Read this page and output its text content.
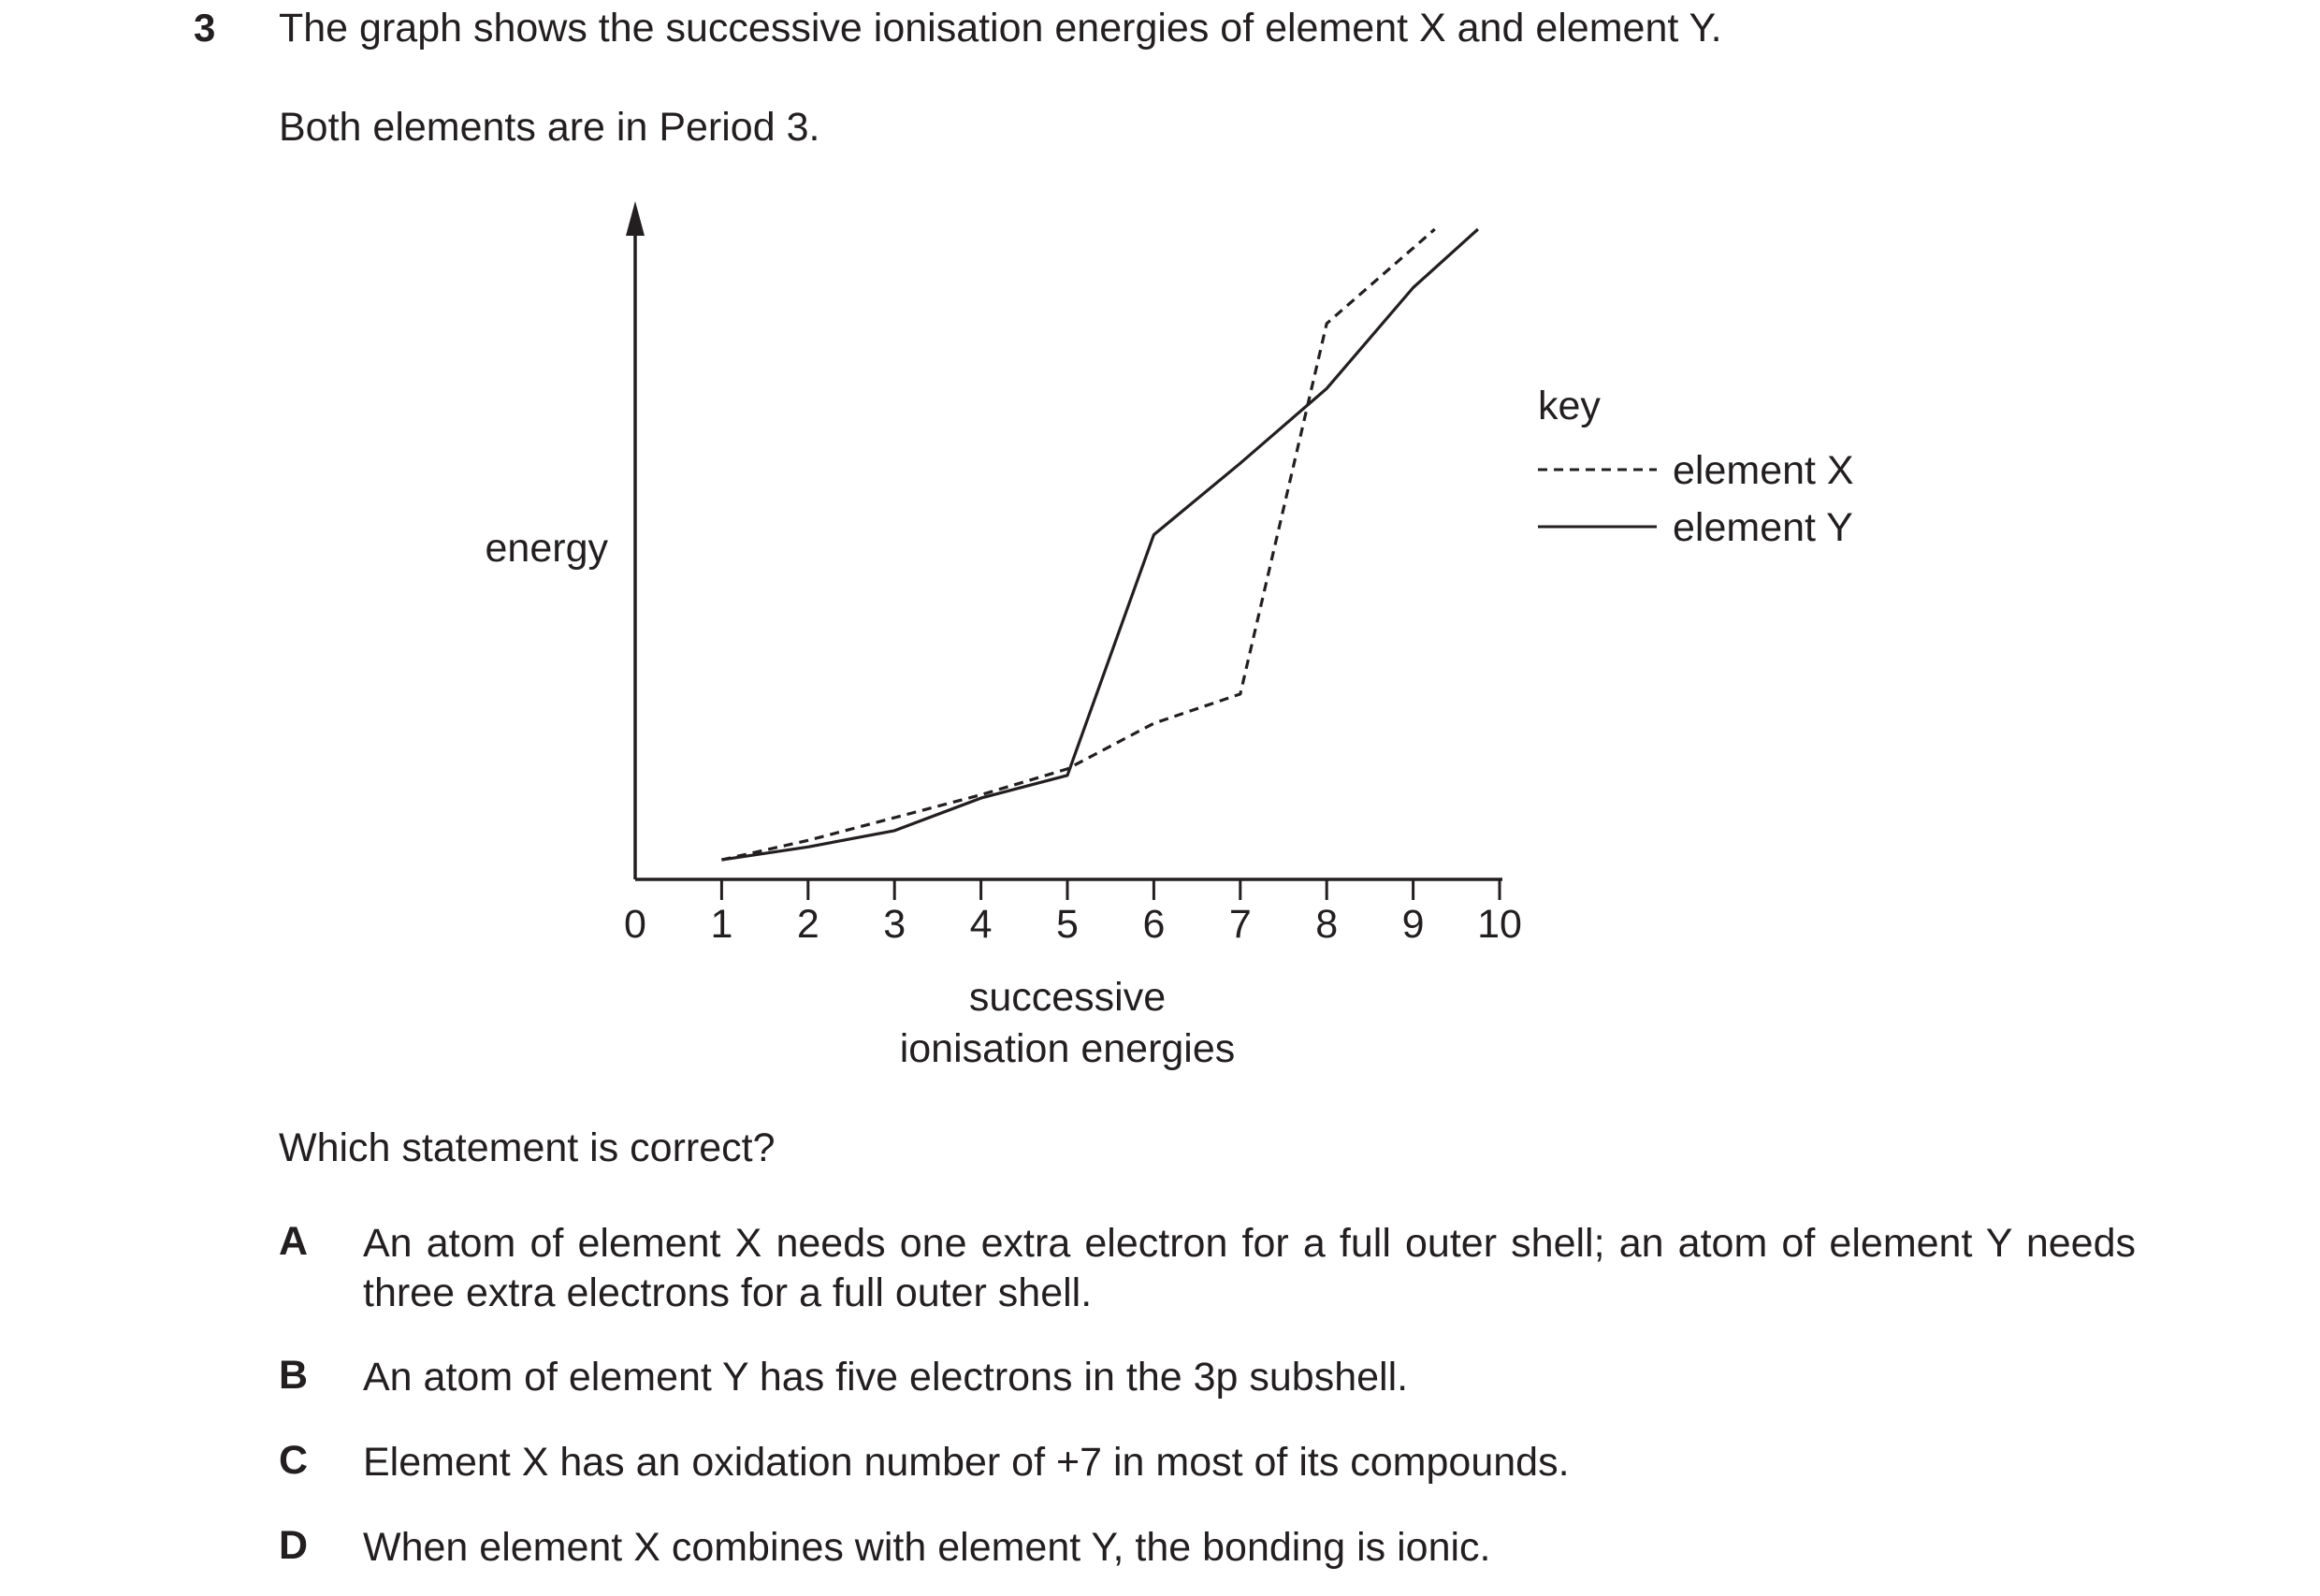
3 The graph shows the successive ionisation energies of element X and element Y.
Both elements are in Period 3.
0 1 2 3 4 5 6 7 8 9 10
energy
successive
ionisation energies
key
element X
element Y
Which statement is correct?
A	An atom of element X needs one extra electron for a full outer shell; an atom of element Y needs three extra electrons for a full outer shell.
B	An atom of element Y has five electrons in the 3p subshell.
C	Element X has an oxidation number of +7 in most of its compounds.
D	When element X combines with element Y, the bonding is ionic.
